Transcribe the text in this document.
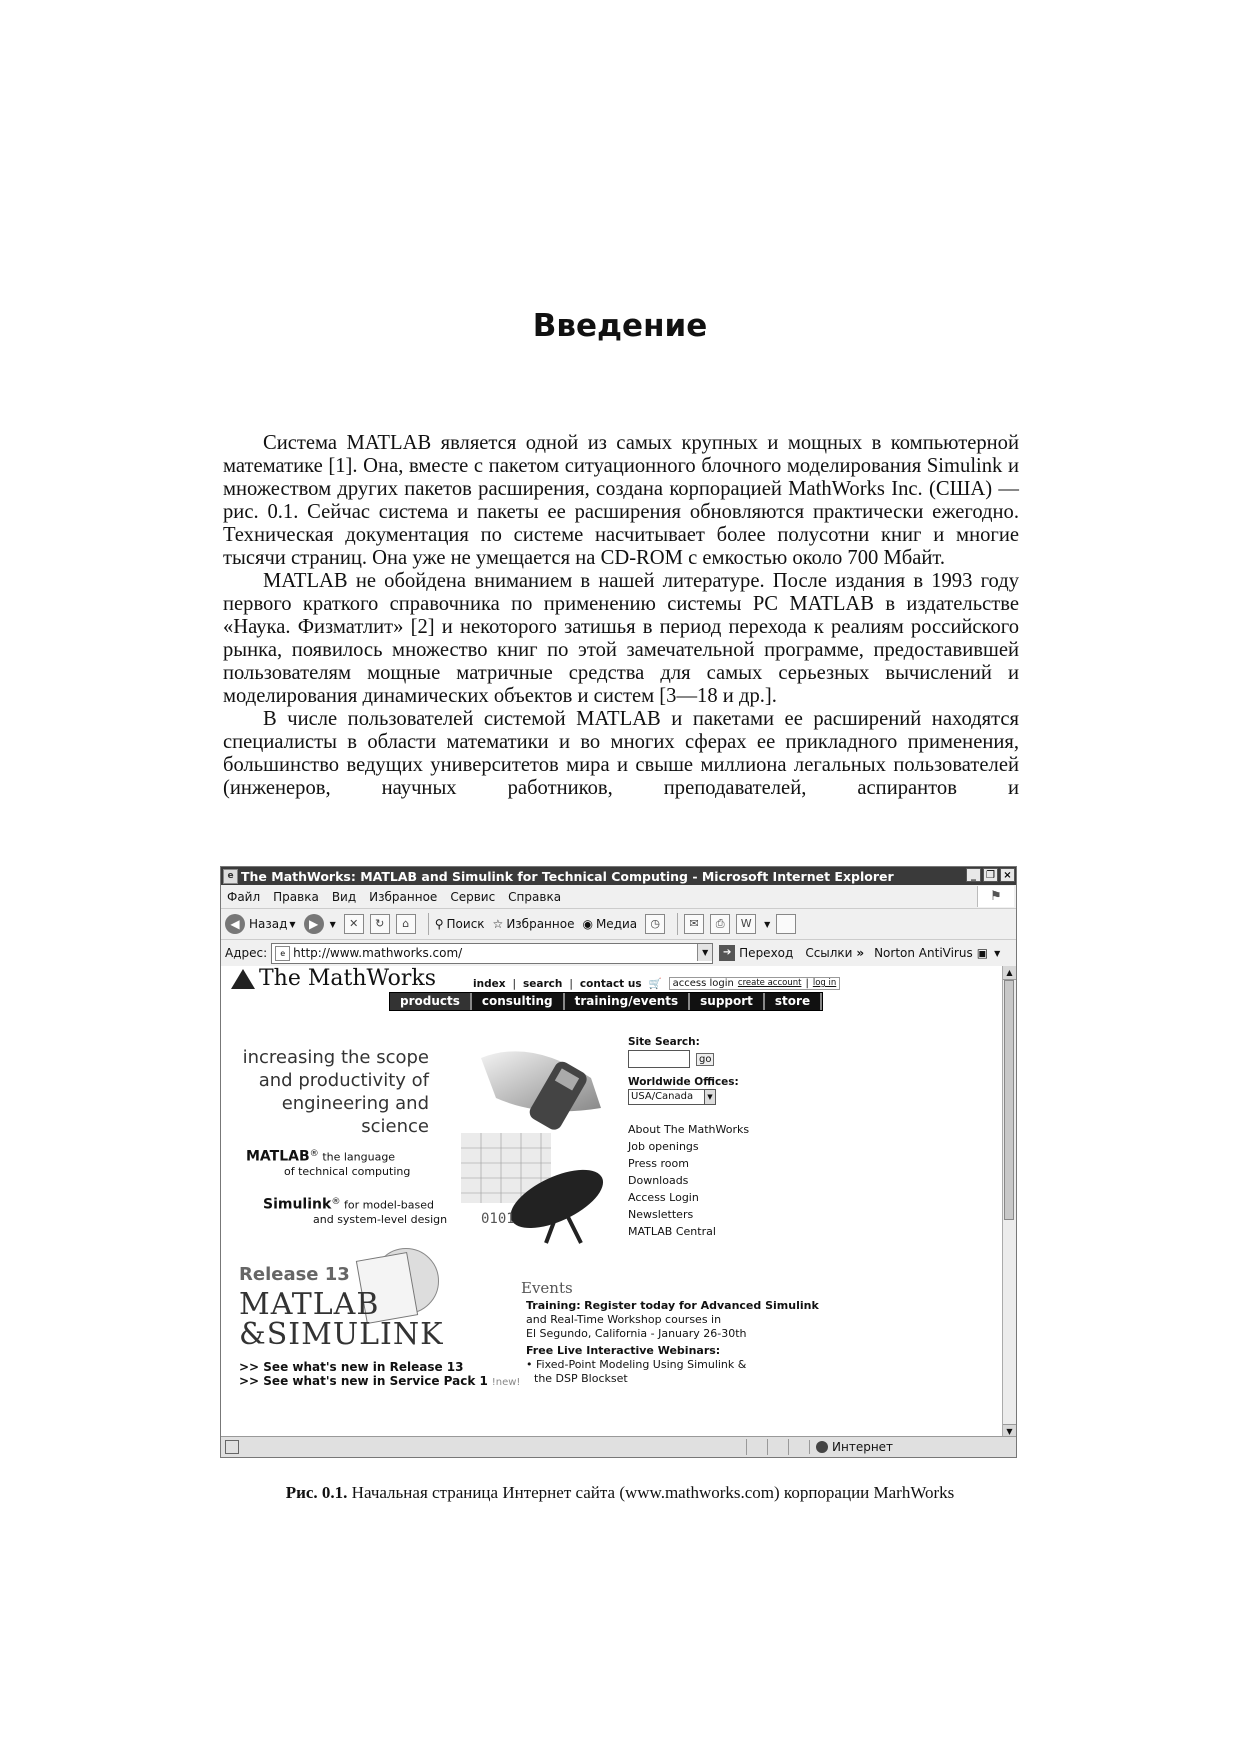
Введение

Система MATLAB является одной из самых крупных и мощных в компьютерной математике [1]. Она, вместе с пакетом ситуационного блочного моделирования Simulink и множеством других пакетов расширения, создана корпорацией MathWorks Inc. (США) — рис. 0.1. Сейчас система и пакеты ее расширения обновляются практически ежегодно. Техническая документация по системе насчитывает более полусотни книг и многие тысячи страниц. Она уже не умещается на CD-ROM с емкостью около 700 Мбайт.

MATLAB не обойдена вниманием в нашей литературе. После издания в 1993 году первого краткого справочника по применению системы PC MATLAB в издательстве «Наука. Физматлит» [2] и некоторого затишья в период перехода к реалиям российского рынка, появилось множество книг по этой замечательной программе, предоставившей пользователям мощные матричные средства для самых серьезных вычислений и моделирования динамических объектов и систем [3—18 и др.].

В числе пользователей системой MATLAB и пакетами ее расширений находятся специалисты в области математики и во многих сферах ее прикладного применения, большинство ведущих университетов мира и свыше миллиона легальных пользователей (инженеров, научных работников, преподавателей, аспирантов и

e The MathWorks: MATLAB and Simulink for Technical Computing - Microsoft Internet Explorer	_	❐ ×
Файл Правка Вид Избранное Сервис Справка	⚑
◀ Назад ▼	▶	▼	✕	↻	⌂	⚲ Поиск ☆ Избранное ◉ Медиа	◷	✉	⎙	W	▼
Адрес:	e http://www.mathworks.com/	▼	➔ Переход Ссылки » Norton AntiVirus ▣ ▼
The MathWorks	index | search | contact us 🛒 access login create account | log in
products	consulting	training/events	support	store
increasing the scope and productivity of engineering and science
MATLAB® the language
of technical computing
Simulink® for model-based
and system-level design 0101
Site Search:
go
Worldwide Offices:
USA/Canada ▼
About The MathWorks
Job openings
Press room
Downloads
Access Login
Newsletters
MATLAB Central
Release 13
MATLAB
&SIMULINK
>> See what's new in Release 13
>> See what's new in Service Pack 1 !new!
Events
Training: Register today for Advanced Simulink
and Real-Time Workshop courses in
El Segundo, California - January 26-30th
Free Live Interactive Webinars:
• Fixed-Point Modeling Using Simulink &
the DSP Blockset
▲
▼
Интернет
Рис. 0.1. Начальная страница Интернет сайта (www.mathworks.com) корпорации MarhWorks
